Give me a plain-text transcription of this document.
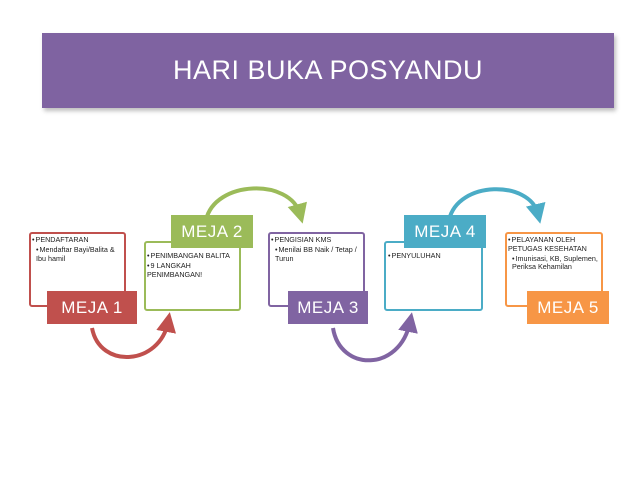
HARI BUKA POSYANDU
•PENDAFTARAN
•Mendaftar Bayi/Balita & Ibu hamil
MEJA 1
MEJA 2
•PENIMBANGAN BALITA
•9 LANGKAH PENIMBANGAN!
•PENGISIAN KMS
•Menilai BB Naik / Tetap / Turun
MEJA 3
MEJA 4
•PENYULUHAN
•PELAYANAN OLEH PETUGAS KESEHATAN
•Imunisasi, KB, Suplemen, Periksa Kehamilan
MEJA 5
